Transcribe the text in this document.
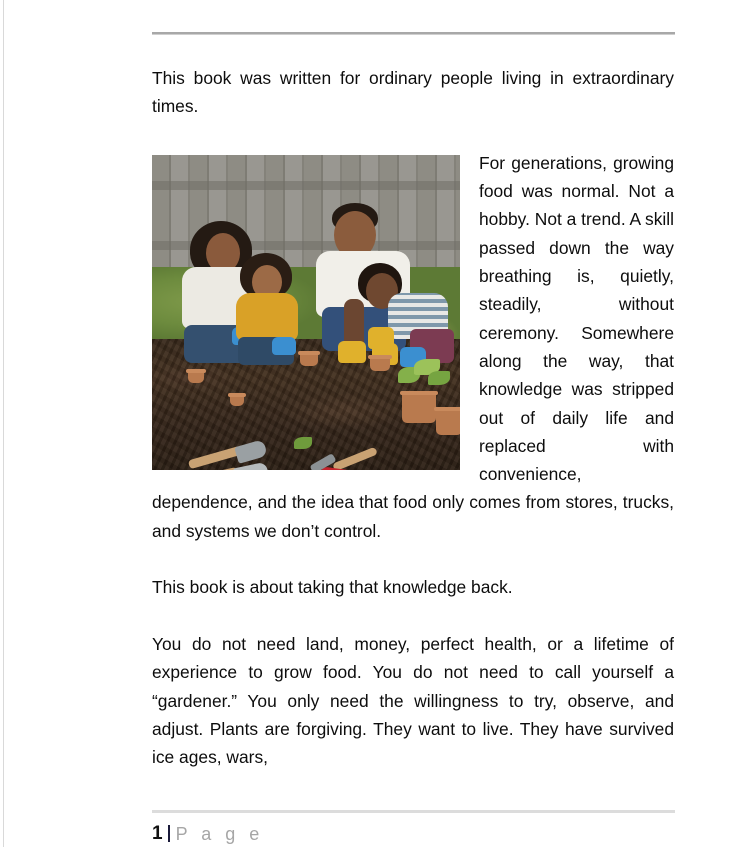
This book was written for ordinary people living in extraordinary times.

For generations, growing food was normal. Not a hobby. Not a trend. A skill passed down the way breathing is, quietly, steadily, without ceremony. Somewhere along the way, that knowledge was stripped out of daily life and replaced with convenience, dependence, and the idea that food only comes from stores, trucks, and systems we don’t control.

This book is about taking that knowledge back.

You do not need land, money, perfect health, or a lifetime of experience to grow food. You do not need to call yourself a “gardener.” You only need the willingness to try, observe, and adjust. Plants are forgiving. They want to live. They have survived ice ages, wars,

1 P a g e
